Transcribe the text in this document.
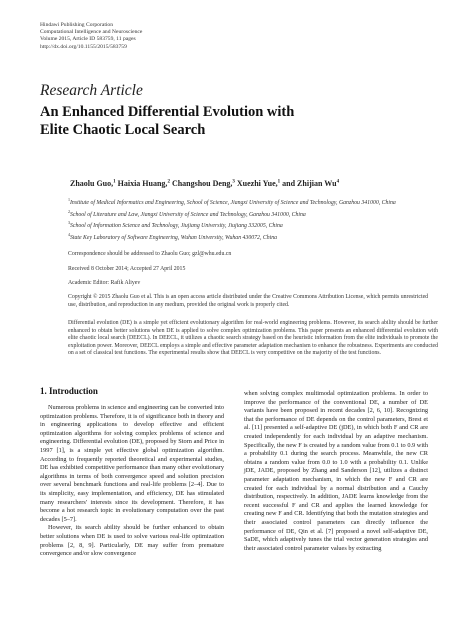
Hindawi Publishing Corporation
Computational Intelligence and Neuroscience
Volume 2015, Article ID 583759, 11 pages
http://dx.doi.org/10.1155/2015/583759
Research Article
An Enhanced Differential Evolution with
Elite Chaotic Local Search
Zhaolu Guo,$^1$ Haixia Huang,$^2$ Changshou Deng,$^3$ Xuezhi Yue,$^1$ and Zhijian Wu$^4$
$^1$Institute of Medical Informatics and Engineering, School of Science, Jiangxi University of Science and Technology, Ganzhou 341000, China
$^2$School of Literature and Law, Jiangxi University of Science and Technology, Ganzhou 341000, China
$^3$School of Information Science and Technology, Jiujiang University, Jiujiang 332005, China
$^4$State Key Laboratory of Software Engineering, Wuhan University, Wuhan 430072, China
Correspondence should be addressed to Zhaolu Guo; gzl@whu.edu.cn
Received 8 October 2014; Accepted 27 April 2015
Academic Editor: Rafik Aliyev
Copyright © 2015 Zhaolu Guo et al. This is an open access article distributed under the Creative Commons Attribution License, which permits unrestricted use, distribution, and reproduction in any medium, provided the original work is properly cited.
Differential evolution (DE) is a simple yet efficient evolutionary algorithm for real-world engineering problems. However, its search ability should be further enhanced to obtain better solutions when DE is applied to solve complex optimization problems. This paper presents an enhanced differential evolution with elite chaotic local search (DEECL). In DEECL, it utilizes a chaotic search strategy based on the heuristic information from the elite individuals to promote the exploitation power. Moreover, DEECL employs a simple and effective parameter adaptation mechanism to enhance the robustness. Experiments are conducted on a set of classical test functions. The experimental results show that DEECL is very competitive on the majority of the test functions.
1. Introduction

Numerous problems in science and engineering can be converted into optimization problems. Therefore, it is of significance both in theory and in engineering applications to develop effective and efficient optimization algorithms for solving complex problems of science and engineering. Differential evolution (DE), proposed by Storn and Price in 1997 [1], is a simple yet effective global optimization algorithm. According to frequently reported theoretical and experimental studies, DE has exhibited competitive performance than many other evolutionary algorithms in terms of both convergence speed and solution precision over several benchmark functions and real-life problems [2–4]. Due to its simplicity, easy implementation, and efficiency, DE has stimulated many researchers' interests since its development. Therefore, it has become a hot research topic in evolutionary computation over the past decades [5–7].

However, its search ability should be further enhanced to obtain better solutions when DE is used to solve various real-life optimization problems [2, 8, 9]. Particularly, DE may suffer from premature convergence and/or slow convergence

when solving complex multimodal optimization problems. In order to improve the performance of the conventional DE, a number of DE variants have been proposed in recent decades [2, 6, 10]. Recognizing that the performance of DE depends on the control parameters, Brest et al. [11] presented a self-adaptive DE (jDE), in which both F and CR are created independently for each individual by an adaptive mechanism. Specifically, the new F is created by a random value from 0.1 to 0.9 with a probability 0.1 during the search process. Meanwhile, the new CR obtains a random value from 0.0 to 1.0 with a probability 0.1. Unlike jDE, JADE, proposed by Zhang and Sanderson [12], utilizes a distinct parameter adaptation mechanism, in which the new F and CR are created for each individual by a normal distribution and a Cauchy distribution, respectively. In addition, JADE learns knowledge from the recent successful F and CR and applies the learned knowledge for creating new F and CR. Identifying that both the mutation strategies and their associated control parameters can directly influence the performance of DE, Qin et al. [7] proposed a novel self-adaptive DE, SaDE, which adaptively tunes the trial vector generation strategies and their associated control parameter values by extracting
